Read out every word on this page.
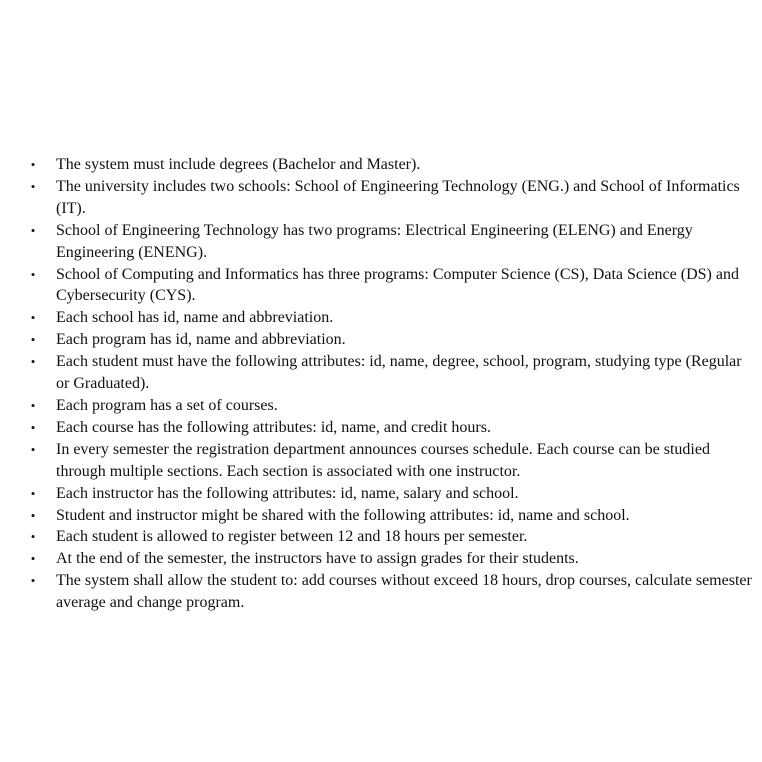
• The system must include degrees (Bachelor and Master).
• The university includes two schools: School of Engineering Technology (ENG.) and School of Informatics (IT).
• School of Engineering Technology has two programs: Electrical Engineering (ELENG) and Energy Engineering (ENENG).
• School of Computing and Informatics has three programs: Computer Science (CS), Data Science (DS) and Cybersecurity (CYS).
• Each school has id, name and abbreviation.
• Each program has id, name and abbreviation.
• Each student must have the following attributes: id, name, degree, school, program, studying type (Regular or Graduated).
• Each program has a set of courses.
• Each course has the following attributes: id, name, and credit hours.
• In every semester the registration department announces courses schedule. Each course can be studied through multiple sections. Each section is associated with one instructor.
• Each instructor has the following attributes: id, name, salary and school.
• Student and instructor might be shared with the following attributes: id, name and school.
• Each student is allowed to register between 12 and 18 hours per semester.
• At the end of the semester, the instructors have to assign grades for their students.
• The system shall allow the student to: add courses without exceed 18 hours, drop courses, calculate semester average and change program.
